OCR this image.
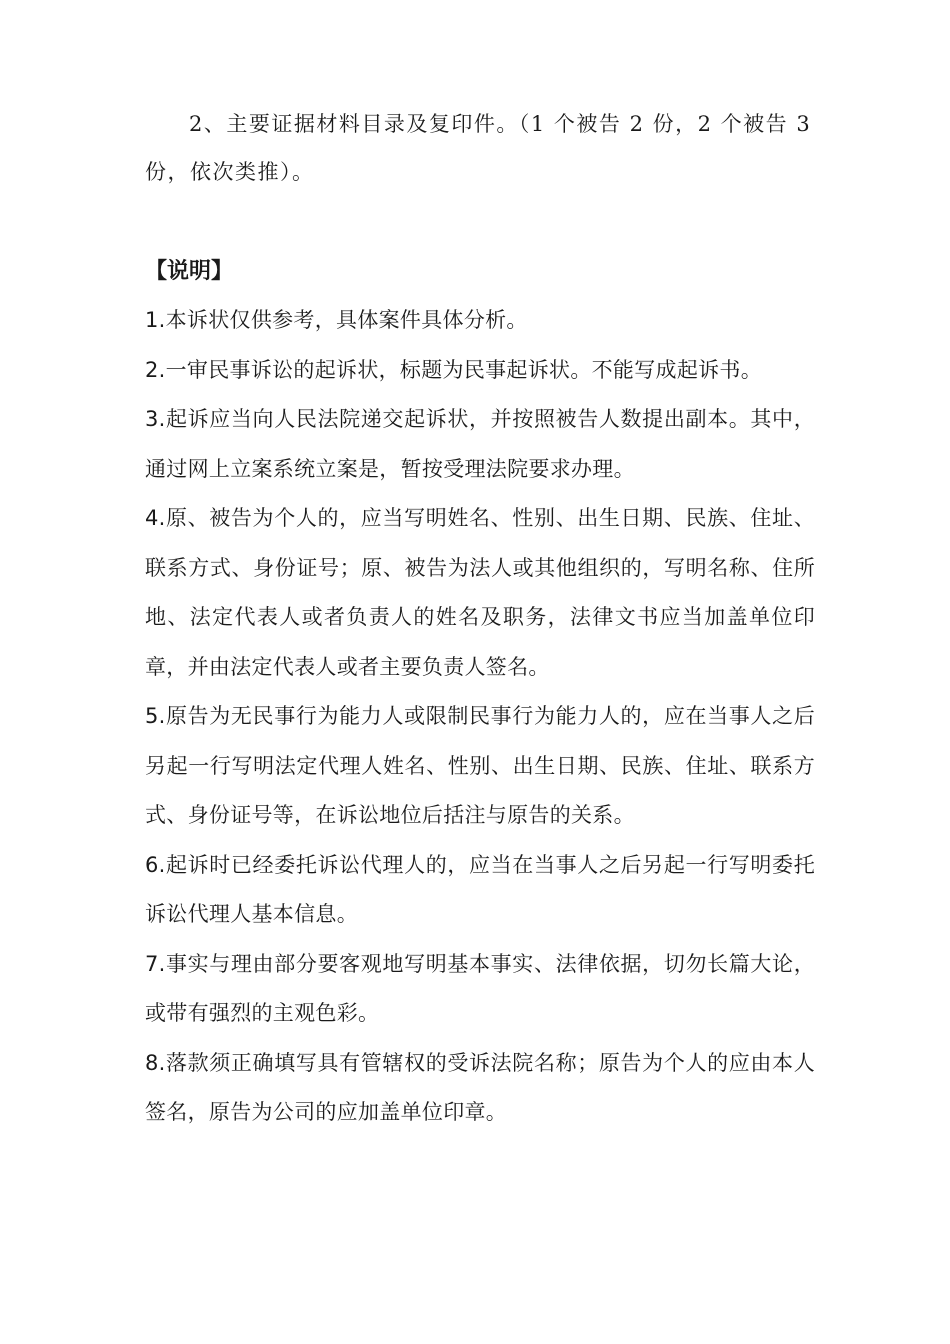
2、主要证据材料目录及复印件。（1 个被告 2 份，2 个被告 3 份，依次类推）。

【说明】

1.本诉状仅供参考，具体案件具体分析。
2.一审民事诉讼的起诉状，标题为民事起诉状。不能写成起诉书。
3.起诉应当向人民法院递交起诉状，并按照被告人数提出副本。其中，通过网上立案系统立案是，暂按受理法院要求办理。
4.原、被告为个人的，应当写明姓名、性别、出生日期、民族、住址、联系方式、身份证号；原、被告为法人或其他组织的，写明名称、住所地、法定代表人或者负责人的姓名及职务，法律文书应当加盖单位印章，并由法定代表人或者主要负责人签名。
5.原告为无民事行为能力人或限制民事行为能力人的，应在当事人之后另起一行写明法定代理人姓名、性别、出生日期、民族、住址、联系方式、身份证号等，在诉讼地位后括注与原告的关系。
6.起诉时已经委托诉讼代理人的，应当在当事人之后另起一行写明委托诉讼代理人基本信息。
7.事实与理由部分要客观地写明基本事实、法律依据，切勿长篇大论，或带有强烈的主观色彩。
8.落款须正确填写具有管辖权的受诉法院名称；原告为个人的应由本人签名，原告为公司的应加盖单位印章。
